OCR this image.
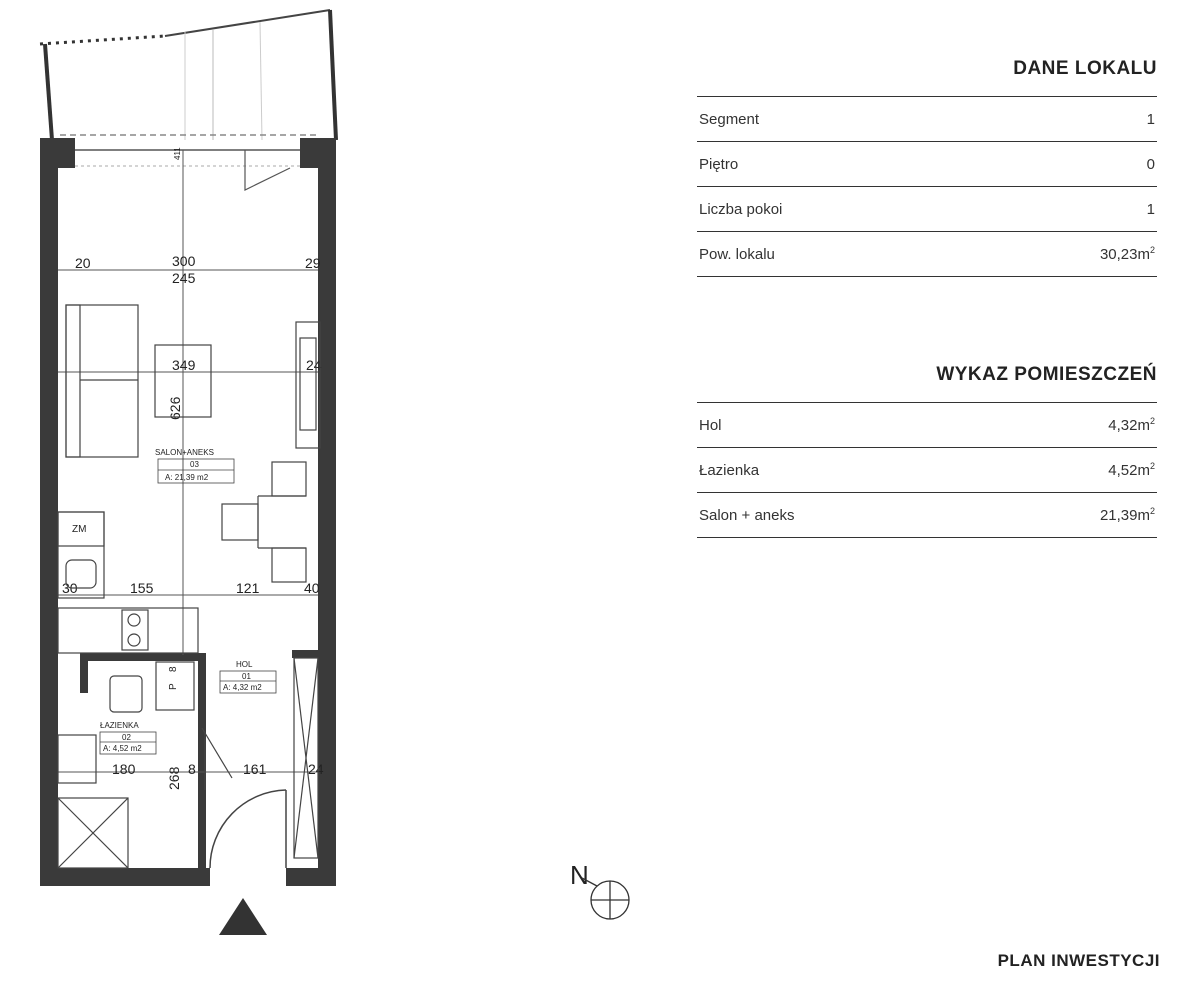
20	300
245
29
349	24
626
411
30	155	121	40
180 268 8	161	24
SALON+ANEKS
03
A: 21,39 m2
ZM
P
8
ŁAZIENKA
02
A: 4,52 m2
HOL
01
A: 4,32 m2
N
DANE LOKALU
Segment	1
Piętro	0
Liczba pokoi	1
Pow. lokalu	$30,23m^2$
WYKAZ POMIESZCZEŃ
Hol	$4,32m^2$
Łazienka	$4,52m^2$
Salon + aneks	$21,39m^2$
PLAN INWESTYCJI
